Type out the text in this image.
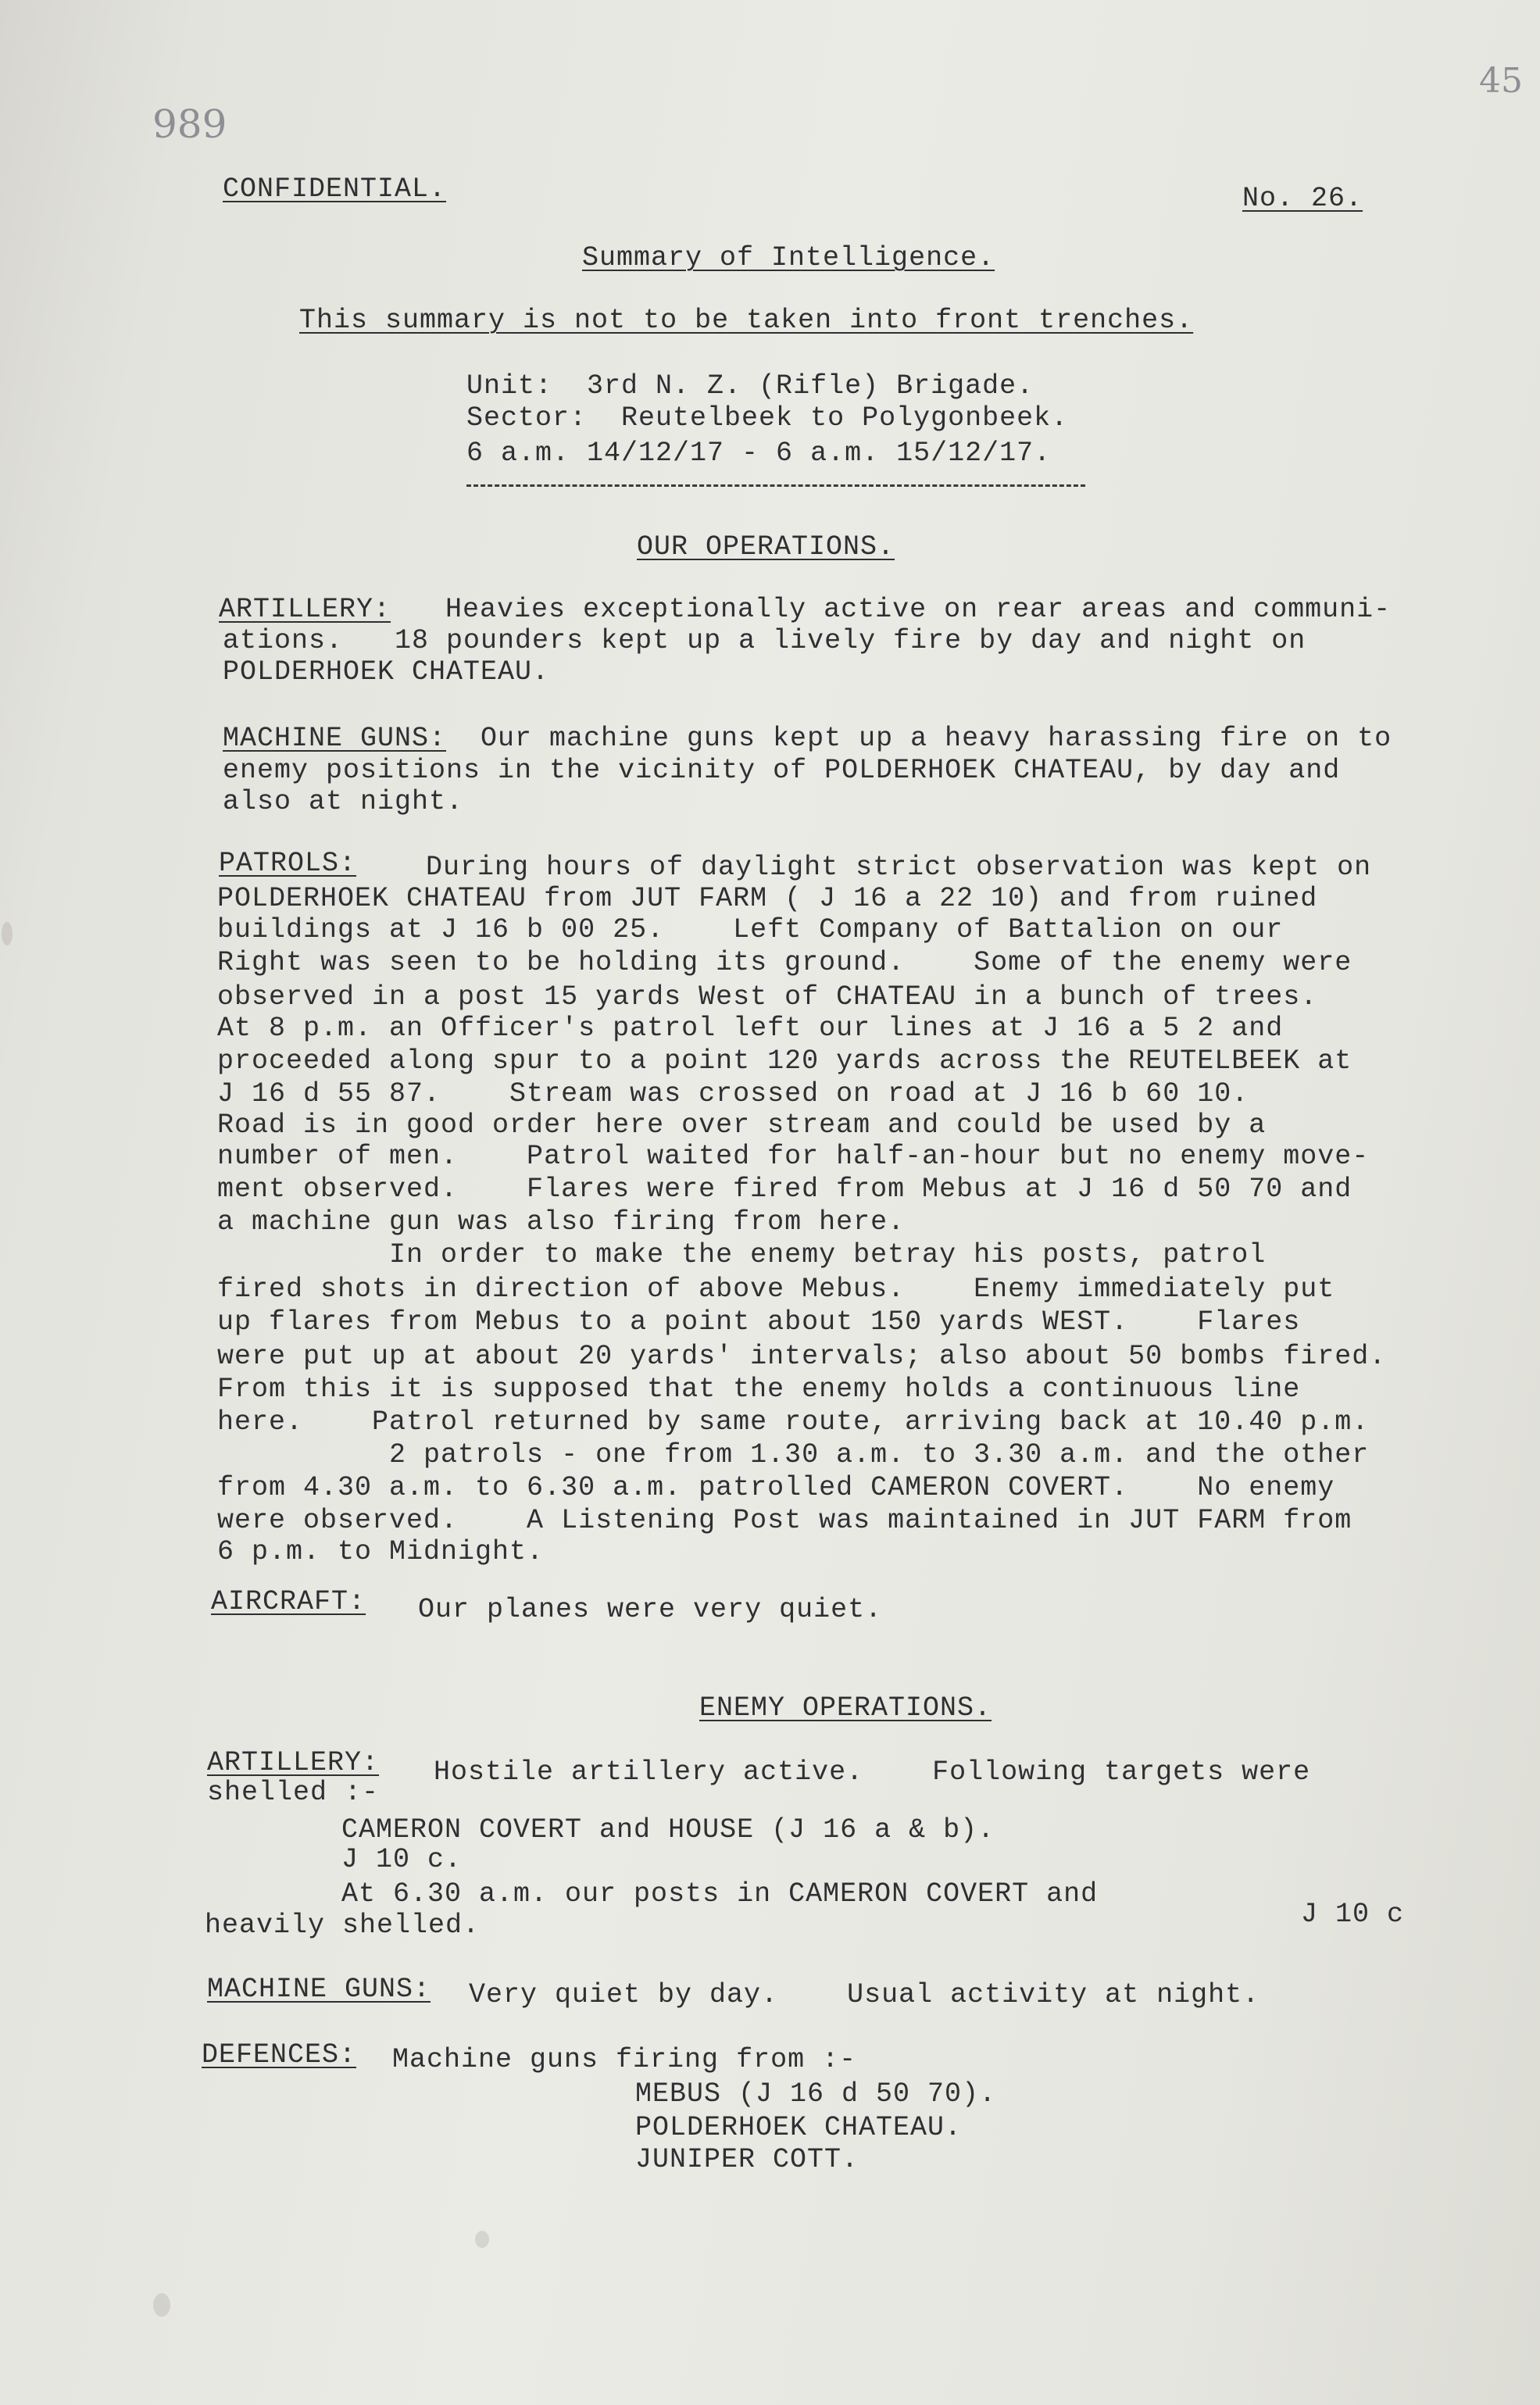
45
989
CONFIDENTIAL.	No. 26.
Summary of Intelligence.
This summary is not to be taken into front trenches.
Unit:  3rd N. Z. (Rifle) Brigade.
Sector:  Reutelbeek to Polygonbeek.
6 a.m. 14/12/17 - 6 a.m. 15/12/17.
OUR OPERATIONS.
ARTILLERY: Heavies exceptionally active on rear areas and communi-
ations.   18 pounders kept up a lively fire by day and night on
POLDERHOEK CHATEAU.
MACHINE GUNS: Our machine guns kept up a heavy harassing fire on to
enemy positions in the vicinity of POLDERHOEK CHATEAU, by day and
also at night.
PATROLS:	During hours of daylight strict observation was kept on
POLDERHOEK CHATEAU from JUT FARM ( J 16 a 22 10) and from ruined
buildings at J 16 b 00 25.    Left Company of Battalion on our
Right was seen to be holding its ground.    Some of the enemy were
observed in a post 15 yards West of CHATEAU in a bunch of trees.
At 8 p.m. an Officer's patrol left our lines at J 16 a 5 2 and
proceeded along spur to a point 120 yards across the REUTELBEEK at
J 16 d 55 87.    Stream was crossed on road at J 16 b 60 10.
Road is in good order here over stream and could be used by a
number of men.    Patrol waited for half-an-hour but no enemy move-
ment observed.    Flares were fired from Mebus at J 16 d 50 70 and
a machine gun was also firing from here.
In order to make the enemy betray his posts, patrol
fired shots in direction of above Mebus.    Enemy immediately put
up flares from Mebus to a point about 150 yards WEST.    Flares
were put up at about 20 yards' intervals; also about 50 bombs fired.
From this it is supposed that the enemy holds a continuous line
here.    Patrol returned by same route, arriving back at 10.40 p.m.
2 patrols - one from 1.30 a.m. to 3.30 a.m. and the other
from 4.30 a.m. to 6.30 a.m. patrolled CAMERON COVERT.    No enemy
were observed.    A Listening Post was maintained in JUT FARM from
6 p.m. to Midnight.
AIRCRAFT: Our planes were very quiet.
ENEMY OPERATIONS.
ARTILLERY: Hostile artillery active.    Following targets were
shelled :-
CAMERON COVERT and HOUSE (J 16 a & b).
J 10 c.
At 6.30 a.m. our posts in CAMERON COVERT and
J 10 c
heavily shelled.
MACHINE GUNS: Very quiet by day.    Usual activity at night.
DEFENCES: Machine guns firing from :-
MEBUS (J 16 d 50 70).
POLDERHOEK CHATEAU.
JUNIPER COTT.
